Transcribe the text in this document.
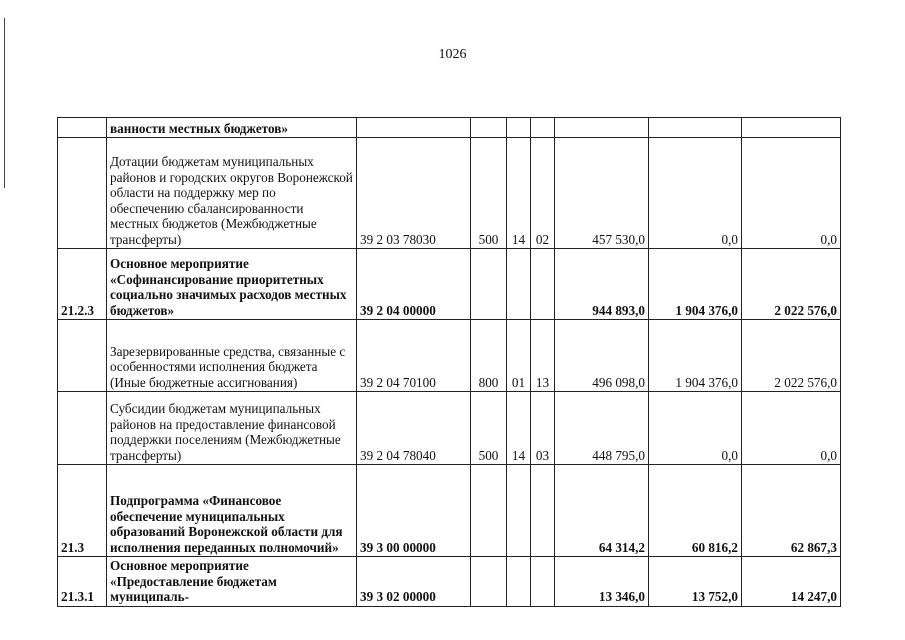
1026
	ванности местных бюджетов»							
	Дотации бюджетам муниципальных районов и городских округов Воронежской области на поддержку мер по обеспечению сбалансированности местных бюджетов (Межбюджетные трансферты)	39 2 03 78030	500	14	02	457 530,0	0,0	0,0
21.2.3	Основное мероприятие «Софинансирование приоритетных социально значимых расходов местных бюджетов»	39 2 04 00000				944 893,0	1 904 376,0	2 022 576,0
	Зарезервированные средства, связанные с особенностями исполнения бюджета (Иные бюджетные ассигнования)	39 2 04 70100	800	01	13	496 098,0	1 904 376,0	2 022 576,0
	Субсидии бюджетам муниципальных районов на предоставление финансовой поддержки поселениям (Межбюджетные трансферты)	39 2 04 78040	500	14	03	448 795,0	0,0	0,0
21.3	Подпрограмма «Финансовое обеспечение муниципальных образований Воронежской области для исполнения переданных полномочий»	39 3 00 00000				64 314,2	60 816,2	62 867,3
21.3.1	Основное мероприятие «Предоставление бюджетам муниципаль-	39 3 02 00000				13 346,0	13 752,0	14 247,0
